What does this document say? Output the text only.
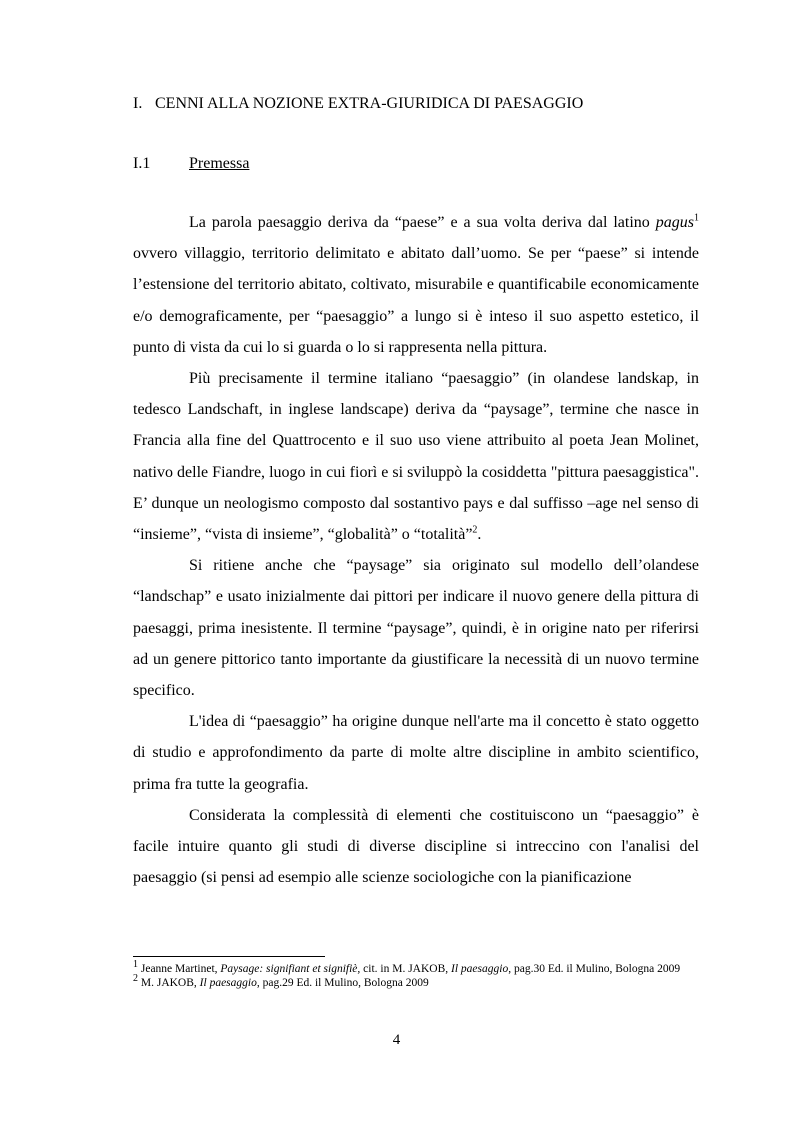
I. CENNI ALLA NOZIONE EXTRA-GIURIDICA DI PAESAGGIO
I.1 Premessa

La parola paesaggio deriva da “paese” e a sua volta deriva dal latino pagus$^1$ ovvero villaggio, territorio delimitato e abitato dall’uomo. Se per “paese” si intende l’estensione del territorio abitato, coltivato, misurabile e quantificabile economicamente e/o demograficamente, per “paesaggio” a lungo si è inteso il suo aspetto estetico, il punto di vista da cui lo si guarda o lo si rappresenta nella pittura.

Più precisamente il termine italiano “paesaggio” (in olandese landskap, in tedesco Landschaft, in inglese landscape) deriva da “paysage”, termine che nasce in Francia alla fine del Quattrocento e il suo uso viene attribuito al poeta Jean Molinet, nativo delle Fiandre, luogo in cui fiorì e si sviluppò la cosiddetta "pittura paesaggistica". E’ dunque un neologismo composto dal sostantivo pays e dal suffisso –age nel senso di “insieme”, “vista di insieme”, “globalità” o “totalità”$^2$.

Si ritiene anche che “paysage” sia originato sul modello dell’olandese “landschap” e usato inizialmente dai pittori per indicare il nuovo genere della pittura di paesaggi, prima inesistente. Il termine “paysage”, quindi, è in origine nato per riferirsi ad un genere pittorico tanto importante da giustificare la necessità di un nuovo termine specifico.

L'idea di “paesaggio” ha origine dunque nell'arte ma il concetto è stato oggetto di studio e approfondimento da parte di molte altre discipline in ambito scientifico, prima fra tutte la geografia.

Considerata la complessità di elementi che costituiscono un “paesaggio” è facile intuire quanto gli studi di diverse discipline si intreccino con l'analisi del paesaggio (si pensi ad esempio alle scienze sociologiche con la pianificazione

$^1$ Jeanne Martinet, Paysage: signifiant et signifiè, cit. in M. JAKOB, Il paesaggio, pag.30 Ed. il Mulino, Bologna 2009

$^2$ M. JAKOB, Il paesaggio, pag.29 Ed. il Mulino, Bologna 2009

4
